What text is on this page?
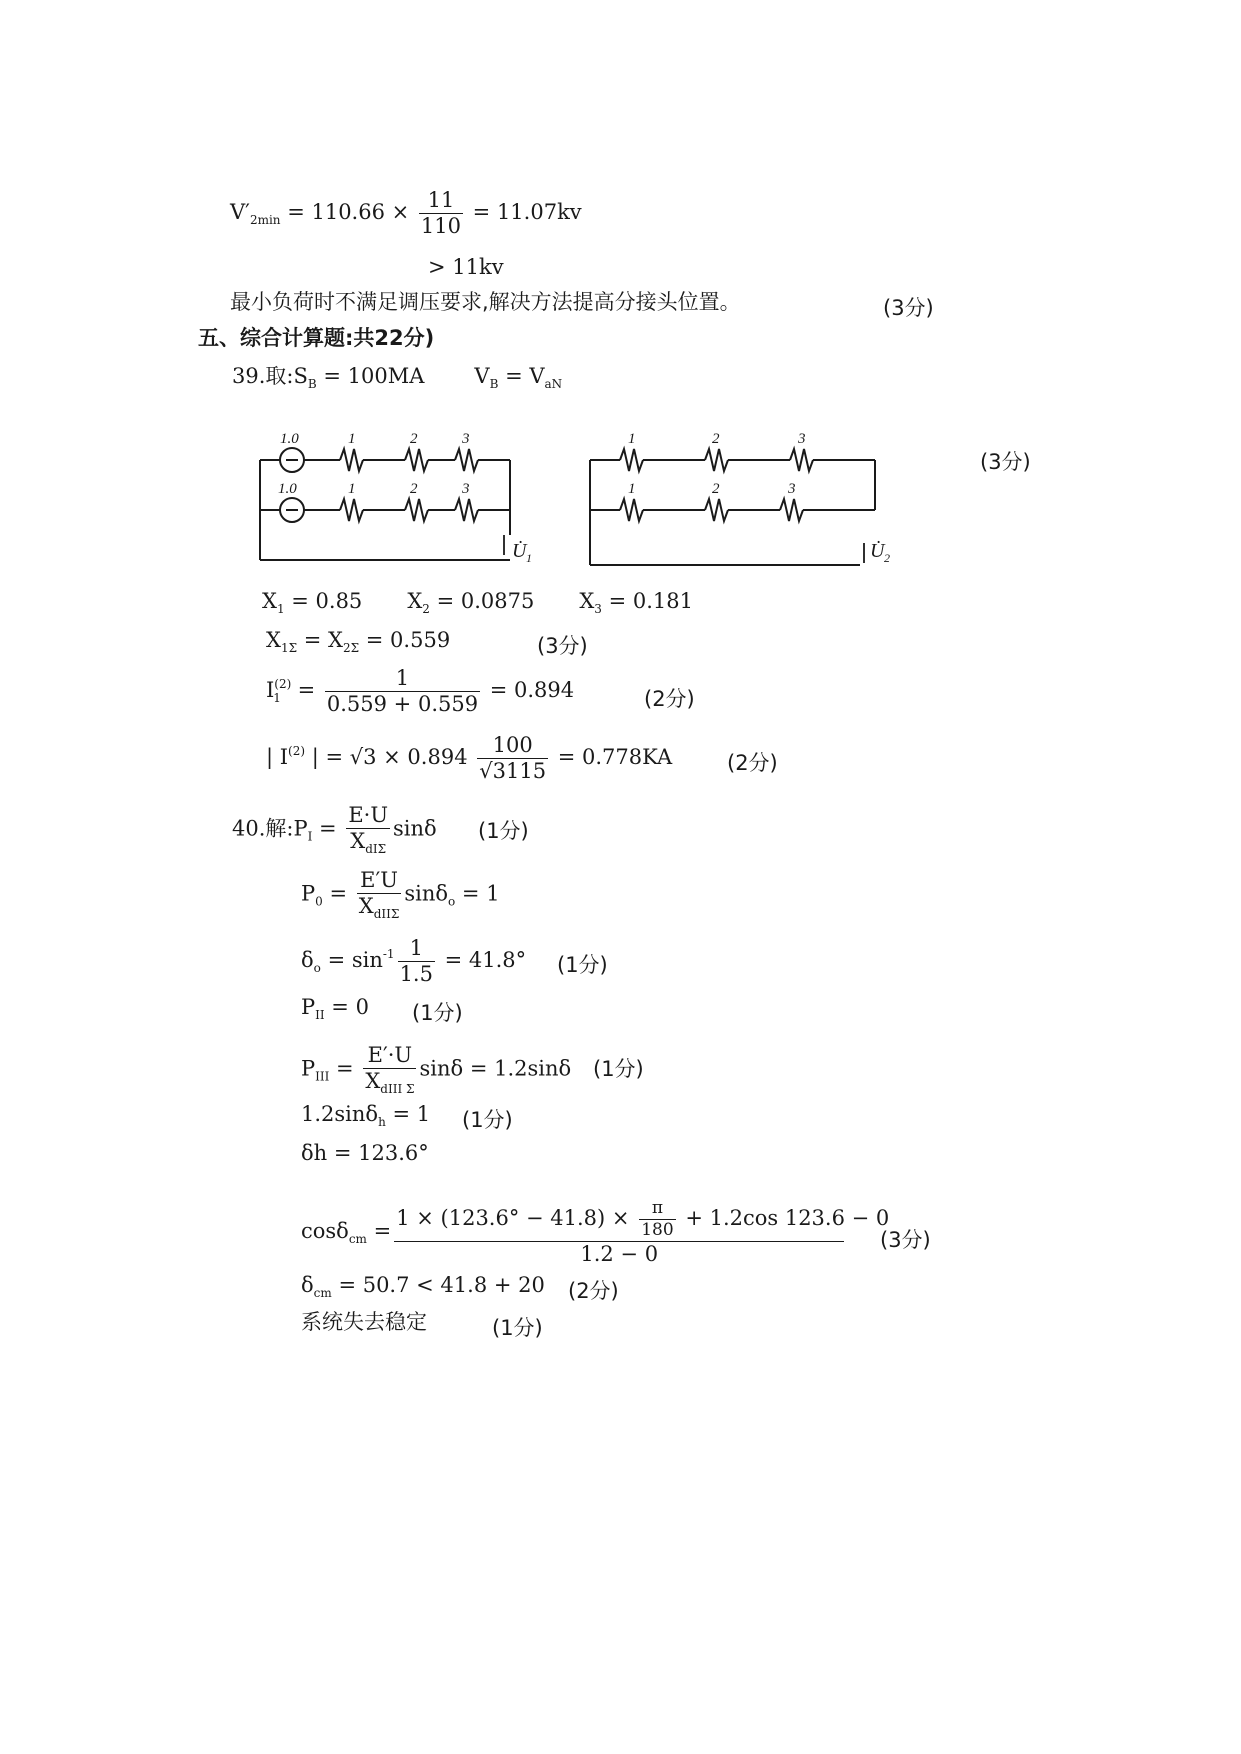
$V'_{2min} = 110.66 \times \frac{11}{110} = 11.07kv$
> 11kv
最小负荷时不满足调压要求,解决方法提高分接头位置。	(3分)
五、综合计算题:共22分)
39.取$:S_B = 100MA$ $V_B = V_{aN}$
1.0	1	2	3
1.0	1	2	3
1	2	3
1	2	3
U̇ 1	U̇ 2
(3分)
$X_1 = 0.85$ $X_2 = 0.0875$ $X_3 = 0.181$
$X_{1\Sigma} = X_{2\Sigma} = 0.559$	(3分)
$I^{(2)}_1 = \frac{1}{0.559 + 0.559} = 0.894$	(2分)
| $I^{(2)}$ | = $√3 \times 0.894 \frac{100}{√3115} = 0.778KA$	(2分)
40.解$:P_I = \frac{E\cdot U}{X_{dI\Sigma}}$ sinδ (1分)
$P_0 = \frac{E'U}{X_{dII\Sigma}} \sin\delta_o = 1$
$\delta_o = \sin^{-1} \frac{1}{1.5} = 41.8^\circ$ (1分)
$P_{II} = 0$ (1分)
$P_{III} = \frac{E'\cdot U}{X_{dIII \Sigma}}$ sinδ = 1.2sinδ (1分)
1.2sinδ$_h$ = 1 (1分)
δh = 123.6°
$\cos\delta_{cm} = \frac{1 \times (123.6^\circ - 41.8) \times \frac{\pi}{180} + 1.2\cos 123.6 - 0}{1.2 - 0} (3$分)
$\delta_{cm} = 50.7 < 41.8 + 20$ (2分)
系统失去稳定	(1分)
